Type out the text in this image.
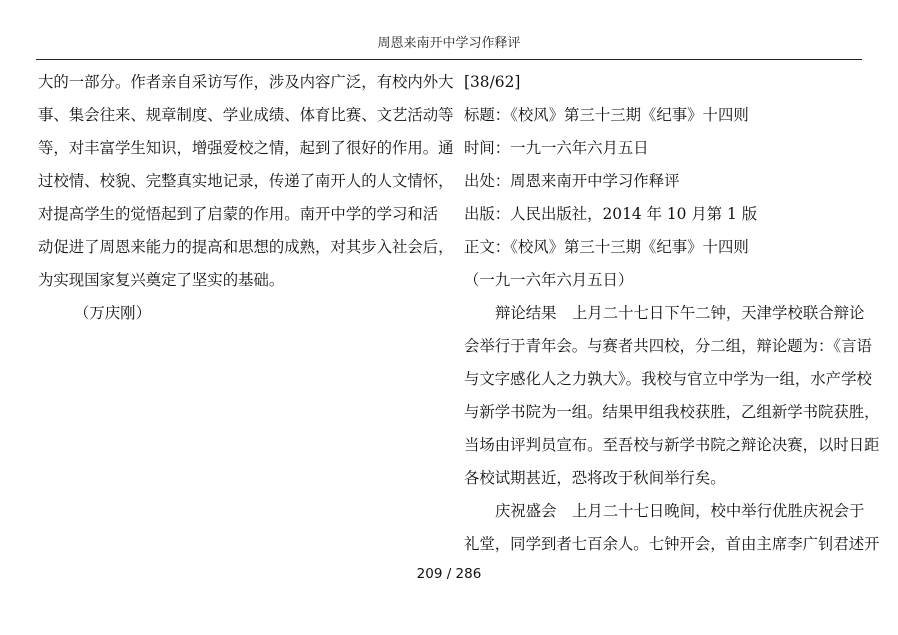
周恩来南开中学习作释评
大的一部分。作者亲自采访写作，涉及内容广泛，有校内外大
事、集会往来、规章制度、学业成绩、体育比赛、文艺活动等
等，对丰富学生知识，增强爱校之情，起到了很好的作用。通
过校情、校貌、完整真实地记录，传递了南开人的人文情怀，
对提高学生的觉悟起到了启蒙的作用。南开中学的学习和活
动促进了周恩来能力的提高和思想的成熟，对其步入社会后，
为实现国家复兴奠定了坚实的基础。
（万庆刚）
[38/62]
标题：《校风》第三十三期《纪事》十四则
时间：一九一六年六月五日
出处：周恩来南开中学习作释评
出版：人民出版社，2014 年 10 月第 1 版
正文：《校风》第三十三期《纪事》十四则
（一九一六年六月五日）
辩论结果　上月二十七日下午二钟，天津学校联合辩论
会举行于青年会。与赛者共四校，分二组，辩论题为：《言语
与文字感化人之力孰大》。我校与官立中学为一组，水产学校
与新学书院为一组。结果甲组我校获胜，乙组新学书院获胜，
当场由评判员宣布。至吾校与新学书院之辩论决赛，以时日距
各校试期甚近，恐将改于秋间举行矣。
庆祝盛会　上月二十七日晚间，校中举行优胜庆祝会于
礼堂，同学到者七百余人。七钟开会，首由主席李广钊君述开
209 / 286
